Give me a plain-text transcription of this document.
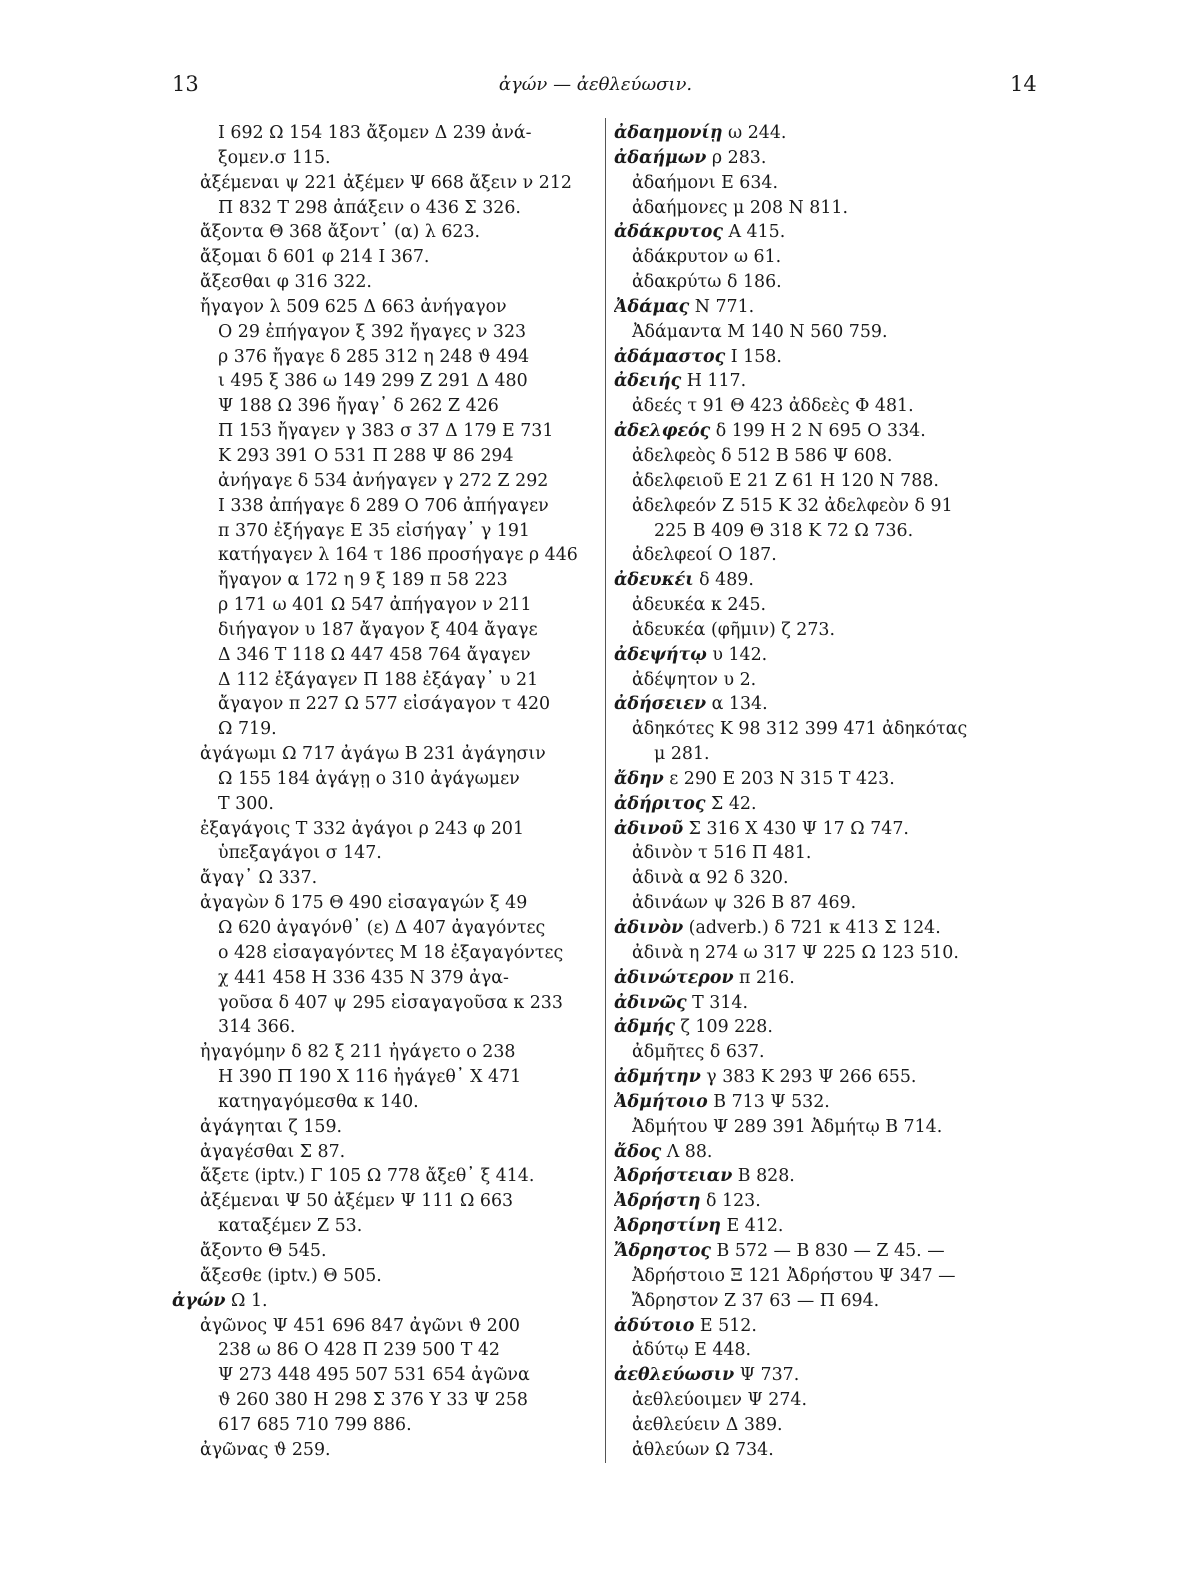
13	ἀγών — ἀεθλεύωσιν.	14
I 692 Ω 154 183 ἄξομεν Δ 239 ἀνά-
ξομεν.σ 115.
ἀξέμεναι ψ 221 ἀξέμεν Ψ 668 ἄξειν ν 212
Π 832 Τ 298 ἀπάξειν ο 436 Σ 326.
ἄξοντα Θ 368 ἄξοντ᾽ (α) λ 623.
ἄξομαι δ 601 φ 214 Ι 367.
ἄξεσθαι φ 316 322.
ἤγαγον λ 509 625 Δ 663 ἀνήγαγον
Ο 29 ἐπήγαγον ξ 392 ἤγαγες ν 323
ρ 376 ἤγαγε δ 285 312 η 248 ϑ 494
ι 495 ξ 386 ω 149 299 Ζ 291 Δ 480
Ψ 188 Ω 396 ἤγαγ᾽ δ 262 Ζ 426
Π 153 ἤγαγεν γ 383 σ 37 Δ 179 Ε 731
Κ 293 391 Ο 531 Π 288 Ψ 86 294
ἀνήγαγε δ 534 ἀνήγαγεν γ 272 Ζ 292
Ι 338 ἀπήγαγε δ 289 Ο 706 ἀπήγαγεν
π 370 ἐξήγαγε Ε 35 εἰσήγαγ᾽ γ 191
κατήγαγεν λ 164 τ 186 προσήγαγε ρ 446
ἤγαγον α 172 η 9 ξ 189 π 58 223
ρ 171 ω 401 Ω 547 ἀπήγαγον ν 211
διήγαγον υ 187 ἄγαγον ξ 404 ἄγαγε
Δ 346 Τ 118 Ω 447 458 764 ἄγαγεν
Δ 112 ἐξάγαγεν Π 188 ἐξάγαγ᾽ υ 21
ἄγαγον π 227 Ω 577 εἰσάγαγον τ 420
Ω 719.
ἀγάγωμι Ω 717 ἀγάγω Β 231 ἀγάγησιν
Ω 155 184 ἀγάγῃ ο 310 ἀγάγωμεν
Τ 300.
ἐξαγάγοις Τ 332 ἀγάγοι ρ 243 φ 201
ὑπεξαγάγοι σ 147.
ἄγαγ᾽ Ω 337.
ἀγαγὼν δ 175 Θ 490 εἰσαγαγών ξ 49
Ω 620 ἀγαγόνθ᾽ (ε) Δ 407 ἀγαγόντες
ο 428 εἰσαγαγόντες Μ 18 ἐξαγαγόντες
χ 441 458 Η 336 435 Ν 379 ἀγα-
γοῦσα δ 407 ψ 295 εἰσαγαγοῦσα κ 233
314 366.
ἠγαγόμην δ 82 ξ 211 ἠγάγετο ο 238
Η 390 Π 190 Χ 116 ἠγάγεθ᾽ Χ 471
κατηγαγόμεσθα κ 140.
ἀγάγηται ζ 159.
ἀγαγέσθαι Σ 87.
ἄξετε (iptv.) Γ 105 Ω 778 ἄξεθ᾽ ξ 414.
ἀξέμεναι Ψ 50 ἀξέμεν Ψ 111 Ω 663
καταξέμεν Ζ 53.
ἄξοντο Θ 545.
ἄξεσθε (iptv.) Θ 505.
ἀγών Ω 1.
ἀγῶνος Ψ 451 696 847 ἀγῶνι ϑ 200
238 ω 86 Ο 428 Π 239 500 Τ 42
Ψ 273 448 495 507 531 654 ἀγῶνα
ϑ 260 380 Η 298 Σ 376 Υ 33 Ψ 258
617 685 710 799 886.
ἀγῶνας ϑ 259.
ἀδαημονίῃ ω 244.
ἀδαήμων ρ 283.
ἀδαήμονι Ε 634.
ἀδαήμονες μ 208 Ν 811.
ἀδάκρυτος Α 415.
ἀδάκρυτον ω 61.
ἀδακρύτω δ 186.
Ἀδάμας Ν 771.
Ἀδάμαντα Μ 140 Ν 560 759.
ἀδάμαστος Ι 158.
ἀδειής Η 117.
ἀδεές τ 91 Θ 423 ἀδδεὲς Φ 481.
ἀδελφεός δ 199 Η 2 Ν 695 Ο 334.
ἀδελφεὸς δ 512 Β 586 Ψ 608.
ἀδελφειοῦ Ε 21 Ζ 61 Η 120 Ν 788.
ἀδελφεόν Ζ 515 Κ 32 ἀδελφεὸν δ 91
225 Β 409 Θ 318 Κ 72 Ω 736.
ἀδελφεοί Ο 187.
ἀδευκέι δ 489.
ἀδευκέα κ 245.
ἀδευκέα (φῆμιν) ζ 273.
ἀδεψήτῳ υ 142.
ἀδέψητον υ 2.
ἀδήσειεν α 134.
ἀδηκότες Κ 98 312 399 471 ἀδηκότας
μ 281.
ἄδην ε 290 Ε 203 Ν 315 Τ 423.
ἀδήριτος Σ 42.
ἀδινοῦ Σ 316 Χ 430 Ψ 17 Ω 747.
ἀδινὸν τ 516 Π 481.
ἀδινὰ α 92 δ 320.
ἀδινάων ψ 326 Β 87 469.
ἀδινὸν (adverb.) δ 721 κ 413 Σ 124.
ἀδινὰ η 274 ω 317 Ψ 225 Ω 123 510.
ἀδινώτερον π 216.
ἀδινῶς Τ 314.
ἀδμής ζ 109 228.
ἀδμῆτες δ 637.
ἀδμήτην γ 383 Κ 293 Ψ 266 655.
Ἀδμήτοιο Β 713 Ψ 532.
Ἀδμήτου Ψ 289 391 Ἀδμήτῳ Β 714.
ἄδος Λ 88.
Ἀδρήστειαν Β 828.
Ἀδρήστη δ 123.
Ἀδρηστίνη Ε 412.
Ἄδρηστος Β 572 — Β 830 — Ζ 45. —
Ἀδρήστοιο Ξ 121 Ἀδρήστου Ψ 347 —
Ἄδρηστον Ζ 37 63 — Π 694.
ἀδύτοιο Ε 512.
ἀδύτῳ Ε 448.
ἀεθλεύωσιν Ψ 737.
ἀεθλεύοιμεν Ψ 274.
ἀεθλεύειν Δ 389.
ἀθλεύων Ω 734.
